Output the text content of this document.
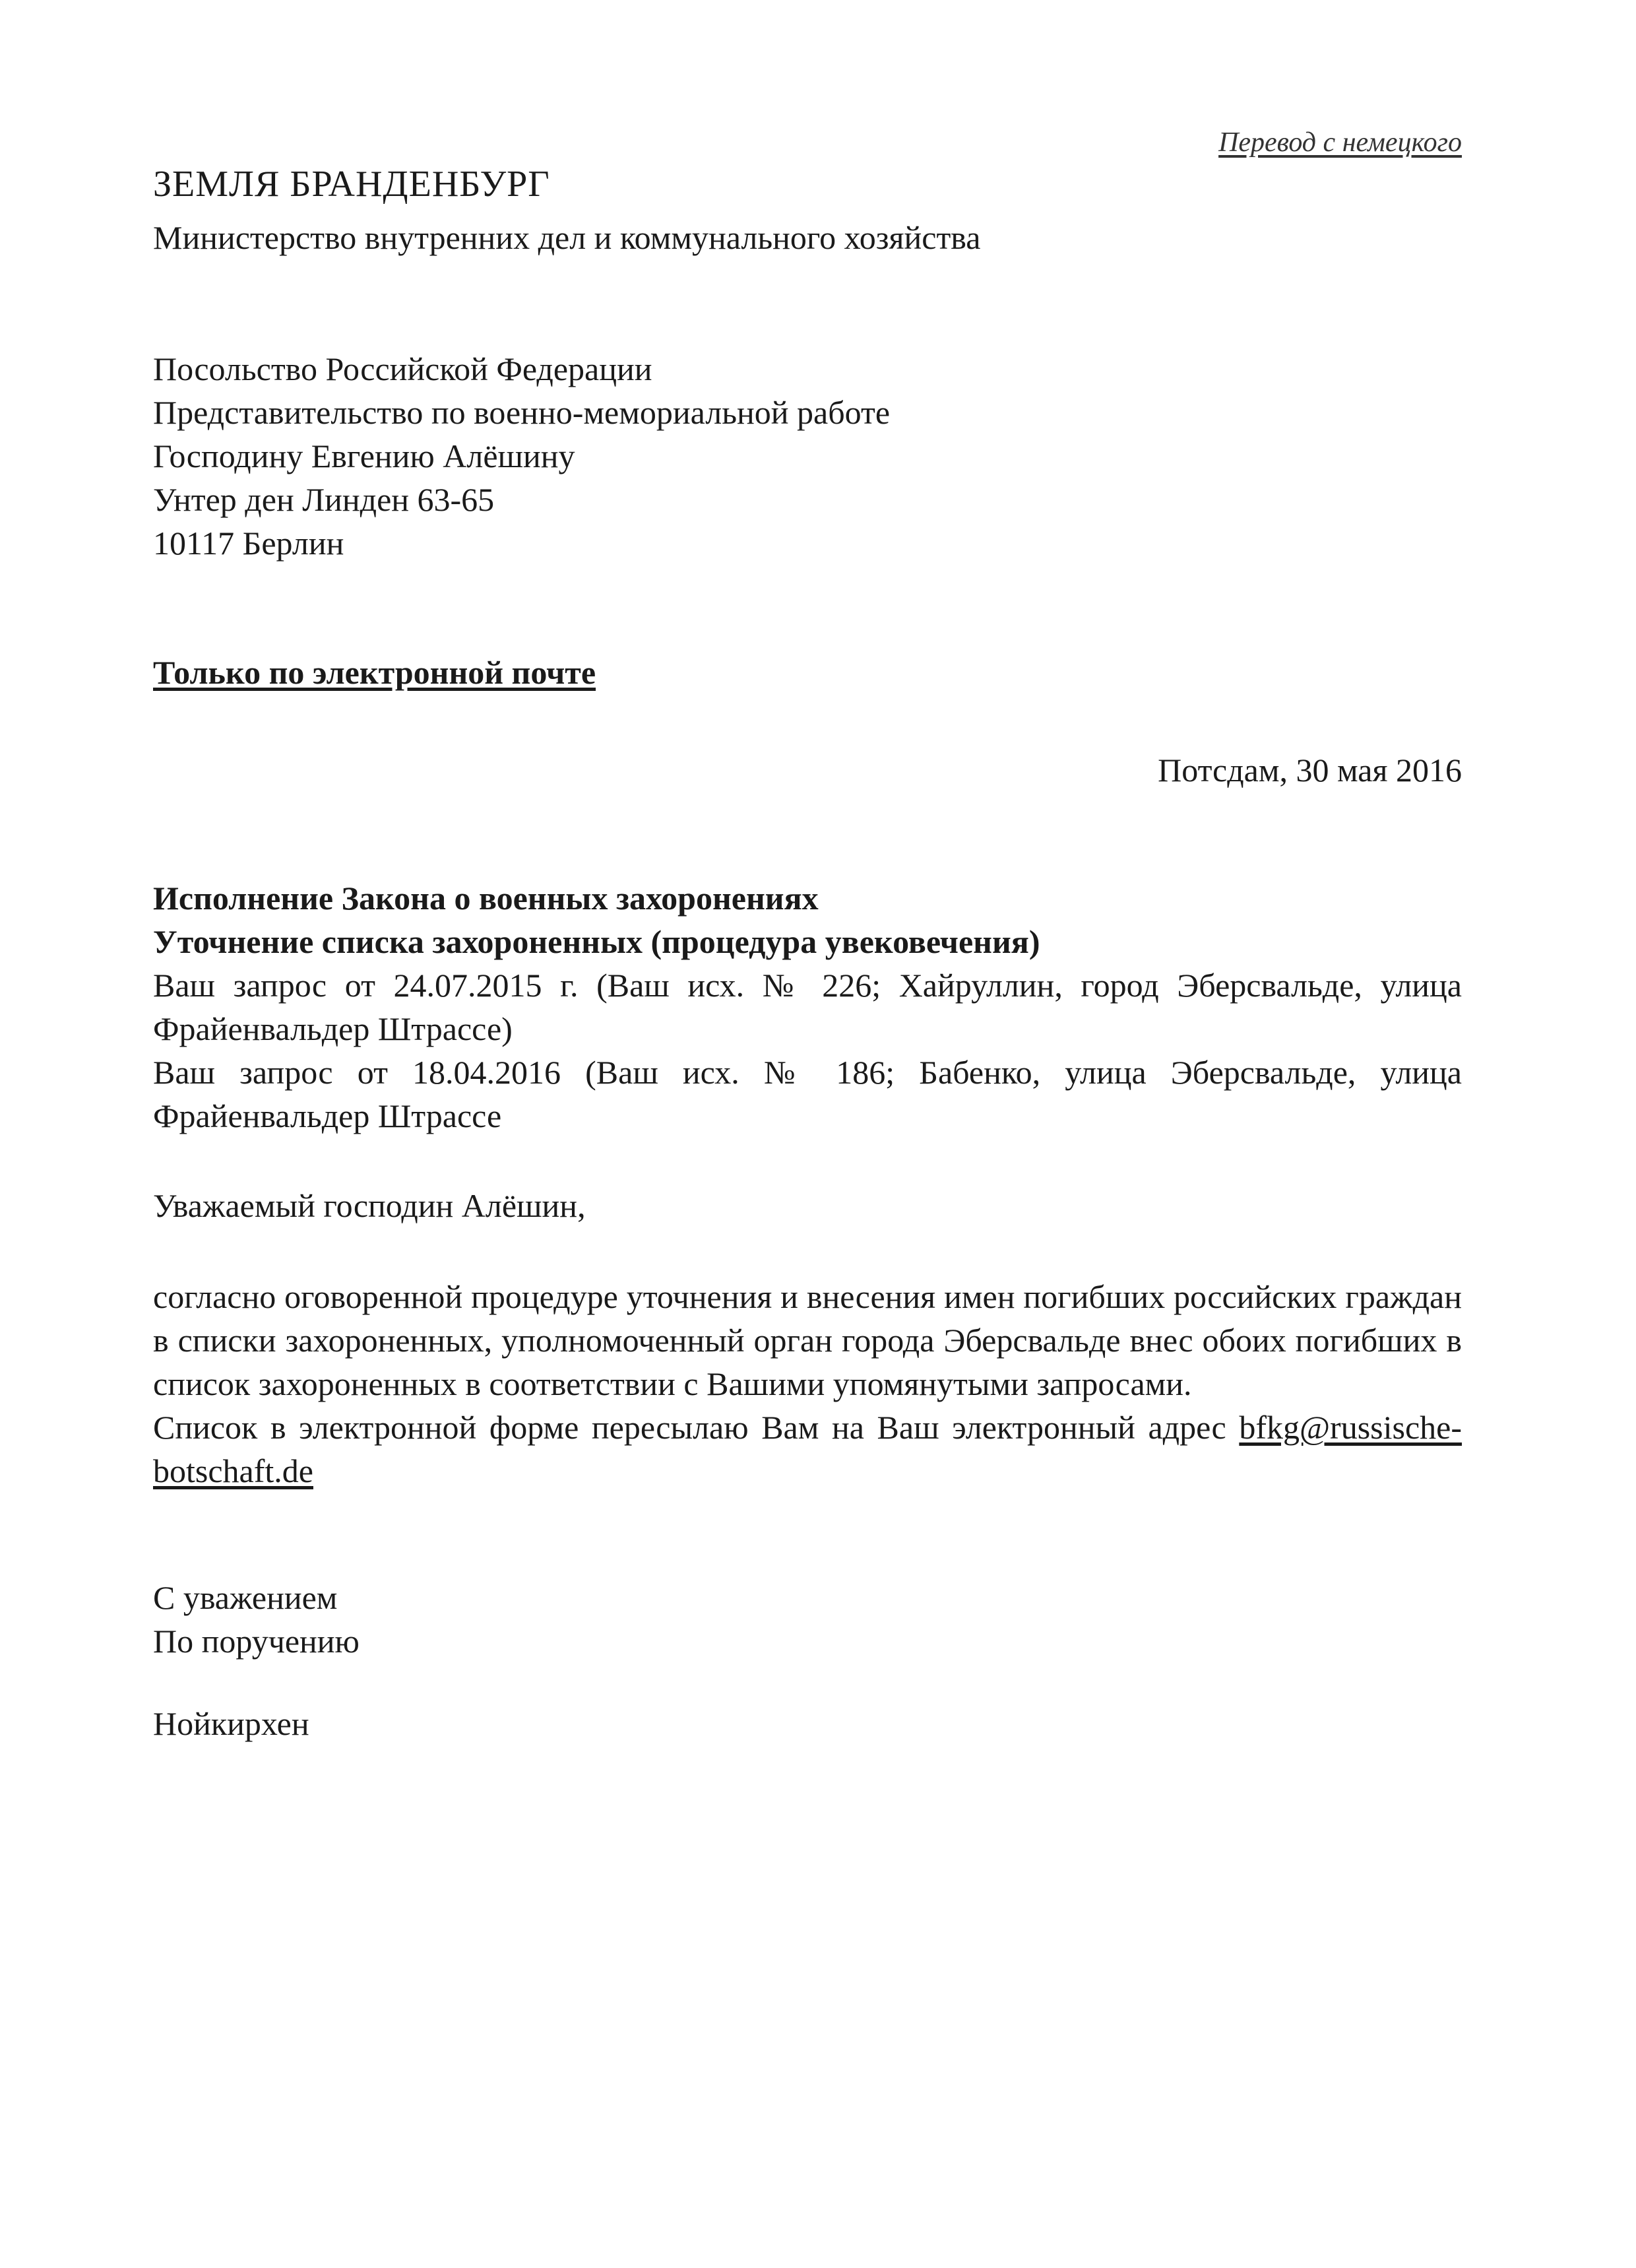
Перевод с немецкого
ЗЕМЛЯ БРАНДЕНБУРГ
Министерство внутренних дел и коммунального хозяйства
Посольство Российской Федерации
Представительство по военно-мемориальной работе
Господину Евгению Алёшину
Унтер ден Линден 63-65
10117 Берлин
Только по электронной почте
Потсдам, 30 мая 2016
Исполнение Закона о военных захоронениях
Уточнение списка захороненных (процедура увековечения)
Ваш запрос от 24.07.2015 г. (Ваш исх. № 226; Хайруллин, город Эберсвальде, улица Фрайенвальдер Штрассе)
Ваш запрос от 18.04.2016 (Ваш исх. № 186; Бабенко, улица Эберсвальде, улица Фрайенвальдер Штрассе
Уважаемый господин Алёшин,

согласно оговоренной процедуре уточнения и внесения имен погибших российских граждан в списки захороненных, уполномоченный орган города Эберсвальде внес обоих погибших в список захороненных в соответствии с Вашими упомянутыми запросами.

Список в электронной форме пересылаю Вам на Ваш электронный адрес bfkg@russische-botschaft.de

С уважением
По поручению
Нойкирхен
